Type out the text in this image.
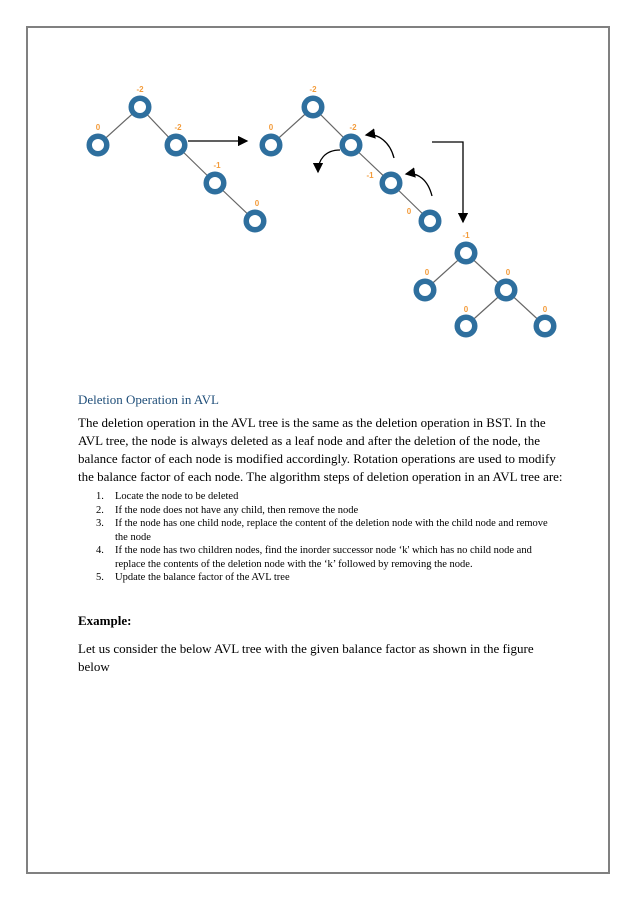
3
-2
1
0
5
-2
7
-1
9
0
3
-2
1
0
5
-2
7
-1
9
0
3
-1
1
0
7
0
5
0
9
0

Deletion Operation in AVL

The deletion operation in the AVL tree is the same as the deletion operation in BST. In the AVL tree, the node is always deleted as a leaf node and after the deletion of the node, the balance factor of each node is modified accordingly. Rotation operations are used to modify the balance factor of each node. The algorithm steps of deletion operation in an AVL tree are:

1. Locate the node to be deleted
2. If the node does not have any child, then remove the node
3. If the node has one child node, replace the content of the deletion node with the child node and remove the node
4. If the node has two children nodes, find the inorder successor node ‘k' which has no child node and replace the contents of the deletion node with the ‘k’ followed by removing the node.
5. Update the balance factor of the AVL tree

Example:

Let us consider the below AVL tree with the given balance factor as shown in the figure below
